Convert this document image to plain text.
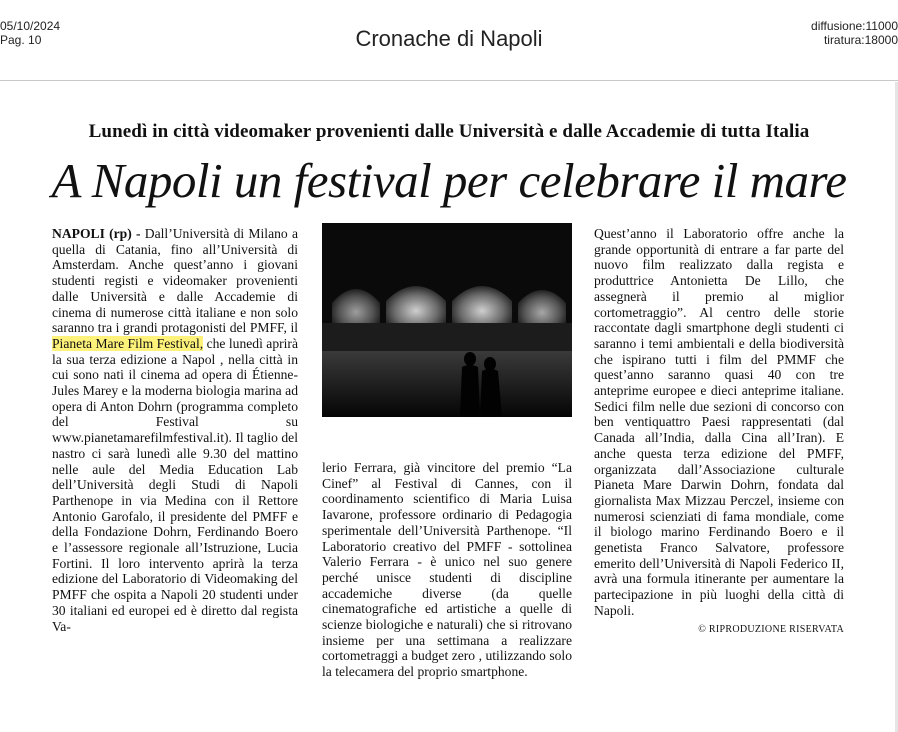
05/10/2024
Pag. 10	Cronache di Napoli	diffusione:11000
tiratura:18000
Lunedì in città videomaker provenienti dalle Università e dalle Accademie di tutta Italia
A Napoli un festival per celebrare il mare
NAPOLI (rp) - Dall’Università di Milano a quella di Catania, fino all’Università di Amsterdam. Anche quest’anno i giovani studenti registi e videomaker provenienti dalle Università e dalle Accademie di cinema di numerose città italiane e non solo saranno tra i grandi protagonisti del PMFF, il Pianeta Mare Film Festival, che lunedì aprirà la sua terza edizione a Napol , nella città in cui sono nati il cinema ad opera di Étienne-Jules Marey e la moderna biologia marina ad opera di Anton Dohrn (programma completo del Festival su www.pianetamarefilmfestival.it). Il taglio del nastro ci sarà lunedì alle 9.30 del mattino nelle aule del Media Education Lab dell’Università degli Studi di Napoli Parthenope in via Medina con il Rettore Antonio Garofalo, il presidente del PMFF e della Fondazione Dohrn, Ferdinando Boero e l’assessore regionale all’Istruzione, Lucia Fortini. Il loro intervento aprirà la terza edizione del Laboratorio di Videomaking del PMFF che ospita a Napoli 20 studenti under 30 italiani ed europei ed è diretto dal regista Va-
lerio Ferrara, già vincitore del premio “La Cinef” al Festival di Cannes, con il coordinamento scientifico di Maria Luisa Iavarone, professore ordinario di Pedagogia sperimentale dell’Università Parthenope. “Il Laboratorio creativo del PMFF - sottolinea Valerio Ferrara - è unico nel suo genere perché unisce studenti di discipline accademiche diverse (da quelle cinematografiche ed artistiche a quelle di scienze biologiche e naturali) che si ritrovano insieme per una settimana a realizzare cortometraggi a budget zero , utilizzando solo la telecamera del proprio smartphone.
Quest’anno il Laboratorio offre anche la grande opportunità di entrare a far parte del nuovo film realizzato dalla regista e produttrice Antonietta De Lillo, che assegnerà il premio al miglior cortometraggio”. Al centro delle storie raccontate dagli smartphone degli studenti ci saranno i temi ambientali e della biodiversità che ispirano tutti i film del PMMF che quest’anno saranno quasi 40 con tre anteprime europee e dieci anteprime italiane. Sedici film nelle due sezioni di concorso con ben ventiquattro Paesi rappresentati (dal Canada all’India, dalla Cina all’Iran). E anche questa terza edizione del PMFF, organizzata dall’Associazione culturale Pianeta Mare Darwin Dohrn, fondata dal giornalista Max Mizzau Perczel, insieme con numerosi scienziati di fama mondiale, come il biologo marino Ferdinando Boero e il genetista Franco Salvatore, professore emerito dell’Università di Napoli Federico II, avrà una formula itinerante per aumentare la partecipazione in più luoghi della città di Napoli.
© RIPRODUZIONE RISERVATA
